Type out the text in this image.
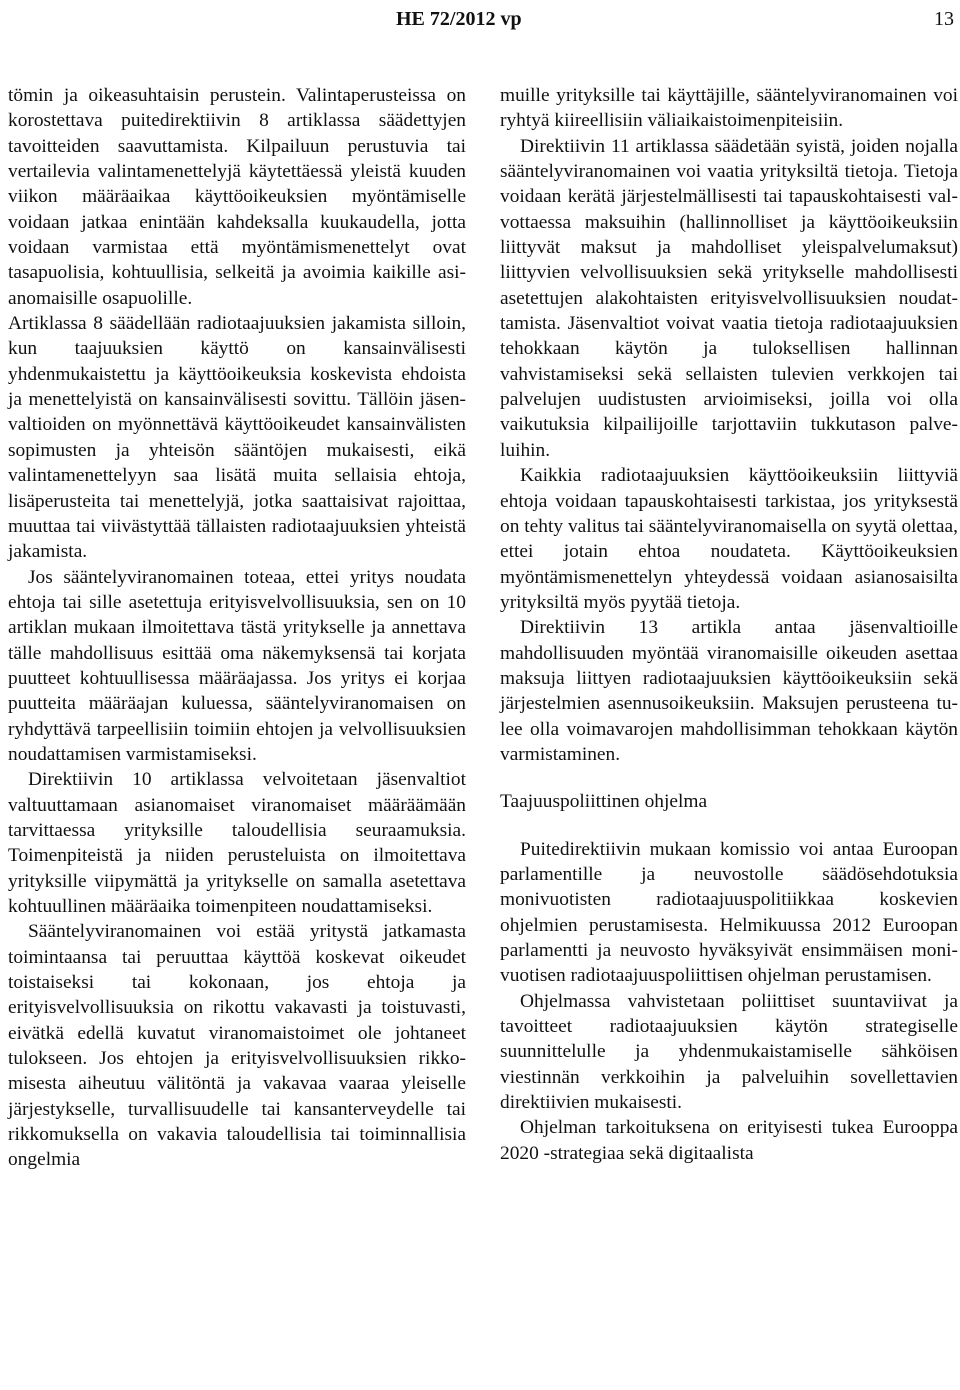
HE 72/2012 vp	13

tömin ja oikeasuhtaisin perustein. Valintaperusteissa on korostettava puitedirektiivin 8 artiklassa säädettyjen tavoitteiden saavuttamista. Kilpailuun perustuvia tai vertailevia valintamenettelyjä käytettäessä yleistä kuuden viikon määräaikaa käyttöoikeuksien myöntämiselle voidaan jatkaa enintään kahdeksalla kuukaudella, jotta voidaan varmistaa että myöntämismenettelyt ovat tasapuolisia, kohtuullisia, selkeitä ja avoimia kaikille asianomaisille osapuolille.

Artiklassa 8 säädellään radiotaajuuksien jakamista silloin, kun taajuuksien käyttö on kansainvälisesti yhdenmukaistettu ja käyttöoikeuksia koskevista ehdoista ja menettelyistä on kansainvälisesti sovittu. Tällöin jäsenvaltioiden on myönnettävä käyttöoikeudet kansainvälisten sopimusten ja yhteisön sääntöjen mukaisesti, eikä valintamenettelyyn saa lisätä muita sellaisia ehtoja, lisäperusteita tai menettelyjä, jotka saattaisivat rajoittaa, muuttaa tai viivästyttää tällaisten radiotaajuuksien yhteistä jakamista.

Jos sääntelyviranomainen toteaa, ettei yritys noudata ehtoja tai sille asetettuja erityisvelvollisuuksia, sen on 10 artiklan mukaan ilmoitettava tästä yritykselle ja annettava tälle mahdollisuus esittää oma näkemyksensä tai korjata puutteet kohtuullisessa määräajassa. Jos yritys ei korjaa puutteita määräajan kuluessa, sääntelyviranomaisen on ryhdyttävä tarpeellisiin toimiin ehtojen ja velvollisuuksien noudattamisen varmistamiseksi.

Direktiivin 10 artiklassa velvoitetaan jäsenvaltiot valtuuttamaan asianomaiset viranomaiset määräämään tarvittaessa yrityksille taloudellisia seuraamuksia. Toimenpiteistä ja niiden perusteluista on ilmoitettava yrityksille viipymättä ja yritykselle on samalla asetettava kohtuullinen määräaika toimenpiteen noudattamiseksi.

Sääntelyviranomainen voi estää yritystä jatkamasta toimintaansa tai peruuttaa käyttöä koskevat oikeudet toistaiseksi tai kokonaan, jos ehtoja ja erityisvelvollisuuksia on rikottu vakavasti ja toistuvasti, eivätkä edellä kuvatut viranomaistoimet ole johtaneet tulokseen. Jos ehtojen ja erityisvelvollisuuksien rikkomisesta aiheutuu välitöntä ja vakavaa vaaraa yleiselle järjestykselle, turvallisuudelle tai kansanterveydelle tai rikkomuksella on vakavia taloudellisia tai toiminnallisia ongelmia

muille yrityksille tai käyttäjille, sääntelyviranomainen voi ryhtyä kiireellisiin väliaikaistoimenpiteisiin.

Direktiivin 11 artiklassa säädetään syistä, joiden nojalla sääntelyviranomainen voi vaatia yrityksiltä tietoja. Tietoja voidaan kerätä järjestelmällisesti tai tapauskohtaisesti valvottaessa maksuihin (hallinnolliset ja käyttöoikeuksiin liittyvät maksut ja mahdolliset yleispalvelumaksut) liittyvien velvollisuuksien sekä yritykselle mahdollisesti asetettujen alakohtaisten erityisvelvollisuuksien noudattamista. Jäsenvaltiot voivat vaatia tietoja radiotaajuuksien tehokkaan käytön ja tuloksellisen hallinnan vahvistamiseksi sekä sellaisten tulevien verkkojen tai palvelujen uudistusten arvioimiseksi, joilla voi olla vaikutuksia kilpailijoille tarjottaviin tukkutason palveluihin.

Kaikkia radiotaajuuksien käyttöoikeuksiin liittyviä ehtoja voidaan tapauskohtaisesti tarkistaa, jos yrityksestä on tehty valitus tai sääntelyviranomaisella on syytä olettaa, ettei jotain ehtoa noudateta. Käyttöoikeuksien myöntämismenettelyn yhteydessä voidaan asianosaisilta yrityksiltä myös pyytää tietoja.

Direktiivin 13 artikla antaa jäsenvaltioille mahdollisuuden myöntää viranomaisille oikeuden asettaa maksuja liittyen radiotaajuuksien käyttöoikeuksiin sekä järjestelmien asennusoikeuksiin. Maksujen perusteena tulee olla voimavarojen mahdollisimman tehokkaan käytön varmistaminen.

Taajuuspoliittinen ohjelma

Puitedirektiivin mukaan komissio voi antaa Euroopan parlamentille ja neuvostolle säädösehdotuksia monivuotisten radiotaajuuspolitiikkaa koskevien ohjelmien perustamisesta. Helmikuussa 2012 Euroopan parlamentti ja neuvosto hyväksyivät ensimmäisen monivuotisen radiotaajuuspoliittisen ohjelman perustamisen.

Ohjelmassa vahvistetaan poliittiset suuntaviivat ja tavoitteet radiotaajuuksien käytön strategiselle suunnittelulle ja yhdenmukaistamiselle sähköisen viestinnän verkkoihin ja palveluihin sovellettavien direktiivien mukaisesti.

Ohjelman tarkoituksena on erityisesti tukea Eurooppa 2020 -strategiaa sekä digitaalista
